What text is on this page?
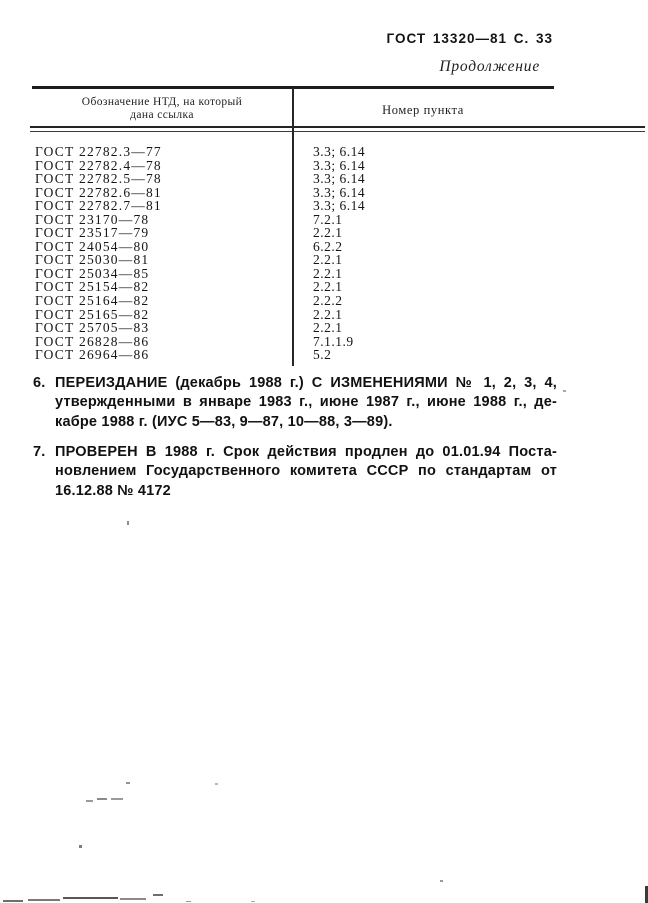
ГОСТ 13320—81 С. 33
Продолжение
Обозначение НТД, на который
дана ссылка	Номер пункта
ГОСТ 22782.3—77	3.3; 6.14
ГОСТ 22782.4—78	3.3; 6.14
ГОСТ 22782.5—78	3.3; 6.14
ГОСТ 22782.6—81	3.3; 6.14
ГОСТ 22782.7—81	3.3; 6.14
ГОСТ 23170—78	7.2.1
ГОСТ 23517—79	2.2.1
ГОСТ 24054—80	6.2.2
ГОСТ 25030—81	2.2.1
ГОСТ 25034—85	2.2.1
ГОСТ 25154—82	2.2.1
ГОСТ 25164—82	2.2.2
ГОСТ 25165—82	2.2.1
ГОСТ 25705—83	2.2.1
ГОСТ 26828—86	7.1.1.9
ГОСТ 26964—86	5.2
6. ПЕРЕИЗДАНИЕ (декабрь 1988 г.) С ИЗМЕНЕНИЯМИ № 1, 2, 3, 4,
утвержденными в январе 1983 г., июне 1987 г., июне 1988 г., де-
кабре 1988 г. (ИУС 5—83, 9—87, 10—88, 3—89).
7. ПРОВЕРЕН В 1988 г. Срок действия продлен до 01.01.94 Поста-
новлением Государственного комитета СССР по стандартам от
16.12.88 № 4172
